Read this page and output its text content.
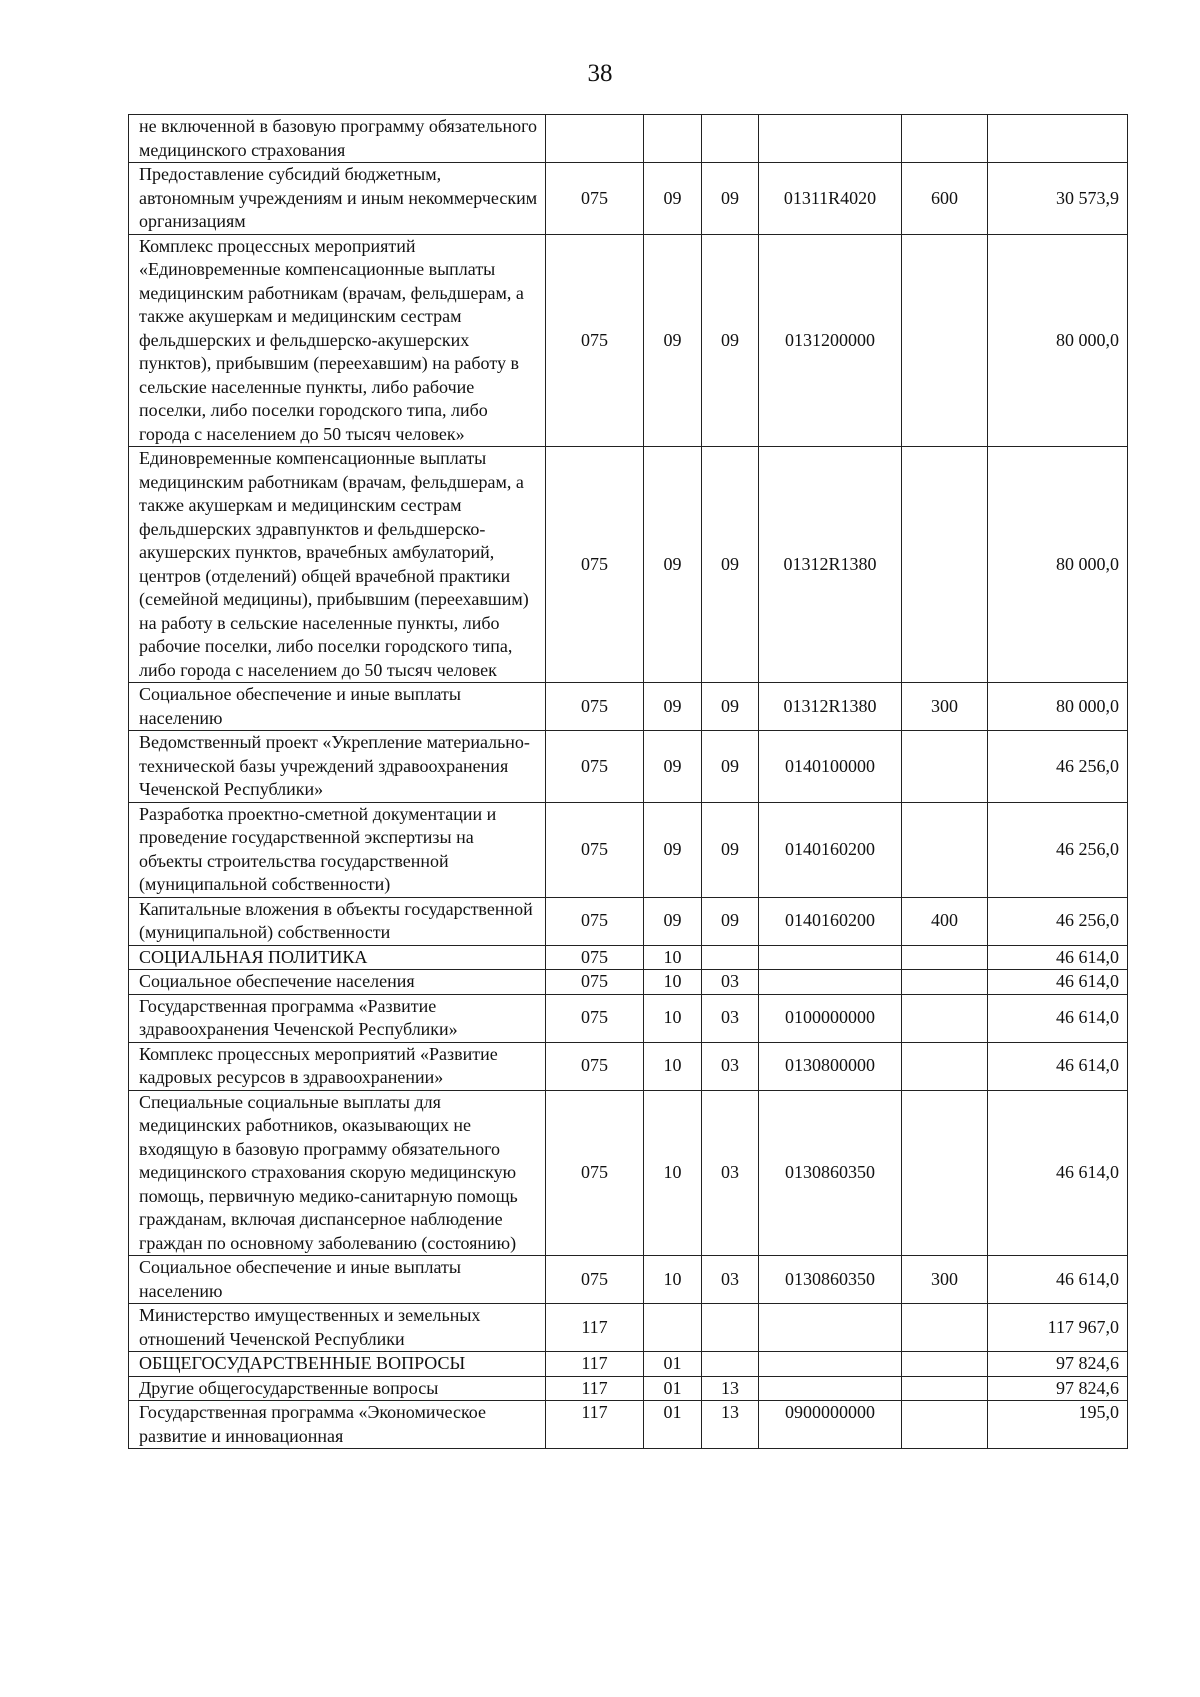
38
не включенной в базовую программу обязательного медицинского страхования						
Предоставление субсидий бюджетным, автономным учреждениям и иным некоммерческим организациям	075	09	09	01311R4020	600	30 573,9
Комплекс процессных мероприятий «Единовременные компенсационные выплаты медицинским работникам (врачам, фельдшерам, а также акушеркам и медицинским сестрам фельдшерских и фельдшерско-акушерских пунктов), прибывшим (переехавшим) на работу в сельские населенные пункты, либо рабочие поселки, либо поселки городского типа, либо города с населением до 50 тысяч человек»	075	09	09	0131200000		80 000,0
Единовременные компенсационные выплаты медицинским работникам (врачам, фельдшерам, а также акушеркам и медицинским сестрам фельдшерских здравпунктов и фельдшерско-акушерских пунктов, врачебных амбулаторий, центров (отделений) общей врачебной практики (семейной медицины), прибывшим (переехавшим) на работу в сельские населенные пункты, либо рабочие поселки, либо поселки городского типа, либо города с населением до 50 тысяч человек	075	09	09	01312R1380		80 000,0
Социальное обеспечение и иные выплаты населению	075	09	09	01312R1380	300	80 000,0
Ведомственный проект «Укрепление материально-технической базы учреждений здравоохранения Чеченской Республики»	075	09	09	0140100000		46 256,0
Разработка проектно-сметной документации и проведение государственной экспертизы на объекты строительства государственной (муниципальной собственности)	075	09	09	0140160200		46 256,0
Капитальные вложения в объекты государственной (муниципальной) собственности	075	09	09	0140160200	400	46 256,0
СОЦИАЛЬНАЯ ПОЛИТИКА	075	10				46 614,0
Социальное обеспечение населения	075	10	03			46 614,0
Государственная программа «Развитие здравоохранения Чеченской Республики»	075	10	03	0100000000		46 614,0
Комплекс процессных мероприятий «Развитие кадровых ресурсов в здравоохранении»	075	10	03	0130800000		46 614,0
Специальные социальные выплаты для медицинских работников, оказывающих не входящую в базовую программу обязательного медицинского страхования скорую медицинскую помощь, первичную медико-санитарную помощь гражданам, включая диспансерное наблюдение граждан по основному заболеванию (состоянию)	075	10	03	0130860350		46 614,0
Социальное обеспечение и иные выплаты населению	075	10	03	0130860350	300	46 614,0
Министерство имущественных и земельных отношений Чеченской Республики	117					117 967,0
ОБЩЕГОСУДАРСТВЕННЫЕ ВОПРОСЫ	117	01				97 824,6
Другие общегосударственные вопросы	117	01	13			97 824,6
Государственная программа «Экономическое развитие и инновационная	117	01	13	0900000000		195,0
